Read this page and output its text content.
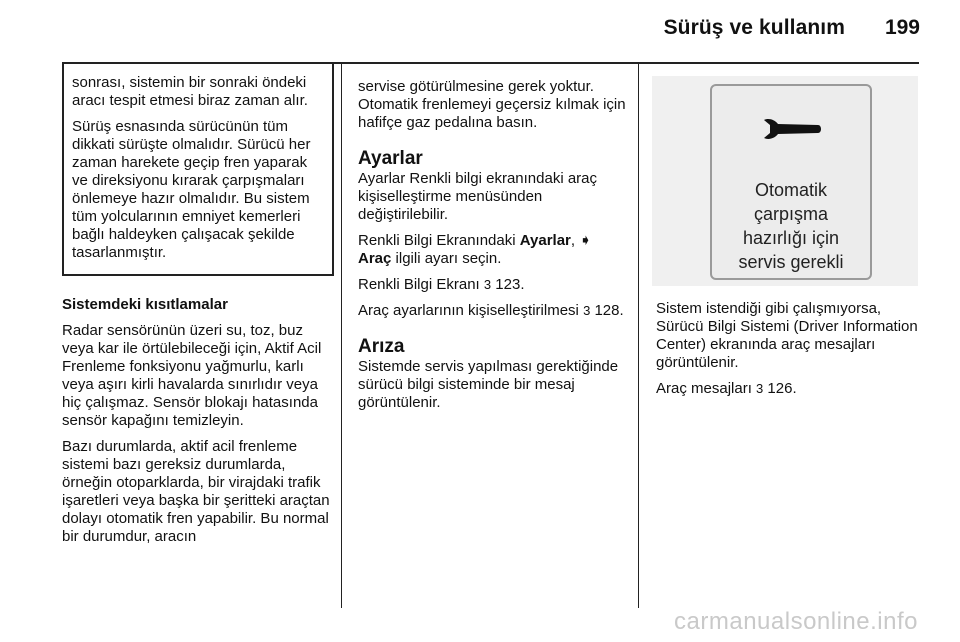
Sürüş ve kullanım 199

sonrası, sistemin bir sonraki öndeki aracı tespit etmesi biraz zaman alır.

Sürüş esnasında sürücünün tüm dikkati sürüşte olmalıdır. Sürücü her zaman harekete geçip fren yaparak ve direksiyonu kırarak çarpışmaları önlemeye hazır olmalıdır. Bu sistem tüm yolcularının emniyet kemerleri bağlı haldeyken çalışacak şekilde tasarlanmıştır.

Sistemdeki kısıtlamalar

Radar sensörünün üzeri su, toz, buz veya kar ile örtülebileceği için, Aktif Acil Frenleme fonksiyonu yağmurlu, karlı veya aşırı kirli havalarda sınırlıdır veya hiç çalışmaz. Sensör blokajı hatasında sensör kapağını temizleyin.

Bazı durumlarda, aktif acil frenleme sistemi bazı gereksiz durumlarda, örneğin otoparklarda, bir virajdaki trafik işaretleri veya başka bir şeritteki araçtan dolayı otomatik fren yapabilir. Bu normal bir durumdur, aracın

servise götürülmesine gerek yoktur. Otomatik frenlemeyi geçersiz kılmak için hafifçe gaz pedalına basın.

Ayarlar

Ayarlar Renkli bilgi ekranındaki araç kişiselleştirme menüsünden değiştirilebilir.

Renkli Bilgi Ekranındaki Ayarlar, ➧ Araç ilgili ayarı seçin.

Renkli Bilgi Ekranı 3 123.

Araç ayarlarının kişiselleştirilmesi 3 128.

Arıza

Sistemde servis yapılması gerektiğinde sürücü bilgi sisteminde bir mesaj görüntülenir.

Otomatik
çarpışma
hazırlığı için
servis gerekli

Sistem istendiği gibi çalışmıyorsa, Sürücü Bilgi Sistemi (Driver Information Center) ekranında araç mesajları görüntülenir.

Araç mesajları 3 126.

carmanualsonline.info
